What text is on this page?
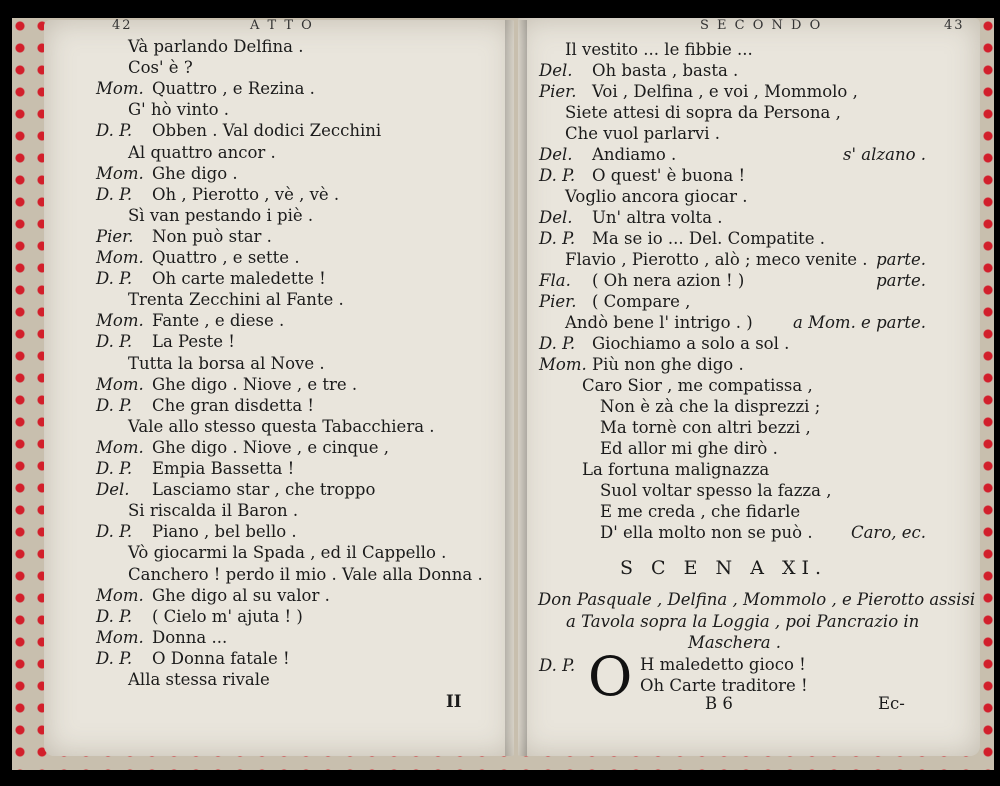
42	A T T O	S E C O N D O	43
Và parlando Delfina .
Cos' è ?
Mom. Quattro , e Rezina .
G' hò vinto .
D. P. Obben . Val dodici Zecchini
Al quattro ancor .
Mom. Ghe digo .
D. P. Oh , Pierotto , vè , vè .
Sì van pestando i piè .
Pier. Non può star .
Mom. Quattro , e sette .
D. P. Oh carte maledette !
Trenta Zecchini al Fante .
Mom. Fante , e diese .
D. P. La Peste !
Tutta la borsa al Nove .
Mom. Ghe digo . Niove , e tre .
D. P. Che gran disdetta !
Vale allo stesso questa Tabacchiera .
Mom. Ghe digo . Niove , e cinque ,
D. P. Empia Bassetta !
Del. Lasciamo star , che troppo
Si riscalda il Baron .
D. P. Piano , bel bello .
Vò giocarmi la Spada , ed il Cappello .
Canchero ! perdo il mio . Vale alla Donna .
Mom. Ghe digo al su valor .
D. P. ( Cielo m' ajuta ! )
Mom. Donna ...
D. P. O Donna fatale !
Alla stessa rivale
Il vestito ... le fibbie ...
Del. Oh basta , basta .
Pier. Voi , Delfina , e voi , Mommolo ,
Siete attesi di sopra da Persona ,
Che vuol parlarvi .
Del. Andiamo .	s' alzano .
D. P. O quest' è buona !
Voglio ancora giocar .
Del. Un' altra volta .
D. P. Ma se io ... Del. Compatite .
Flavio , Pierotto , alò ; meco venite . parte.
Fla. ( Oh nera azion ! )	parte.
Pier. ( Compare ,
Andò bene l' intrigo . ) a Mom. e parte.
D. P. Giochiamo a solo a sol .
Mom. Più non ghe digo .
Caro Sior , me compatissa ,
Non è zà che la disprezzi ;
Ma tornè con altri bezzi ,
Ed allor mi ghe dirò .
La fortuna malignazza
Suol voltar spesso la fazza ,
E me creda , che fidarle
D' ella molto non se può . Caro, ec.
S C E N A XI.
Don Pasquale , Delfina , Mommolo , e Pierotto assisi
a Tavola sopra la Loggia , poi Pancrazio in
Maschera .
D. P. O H maledetto gioco !
Oh Carte traditore !
II	B 6	Ec-
